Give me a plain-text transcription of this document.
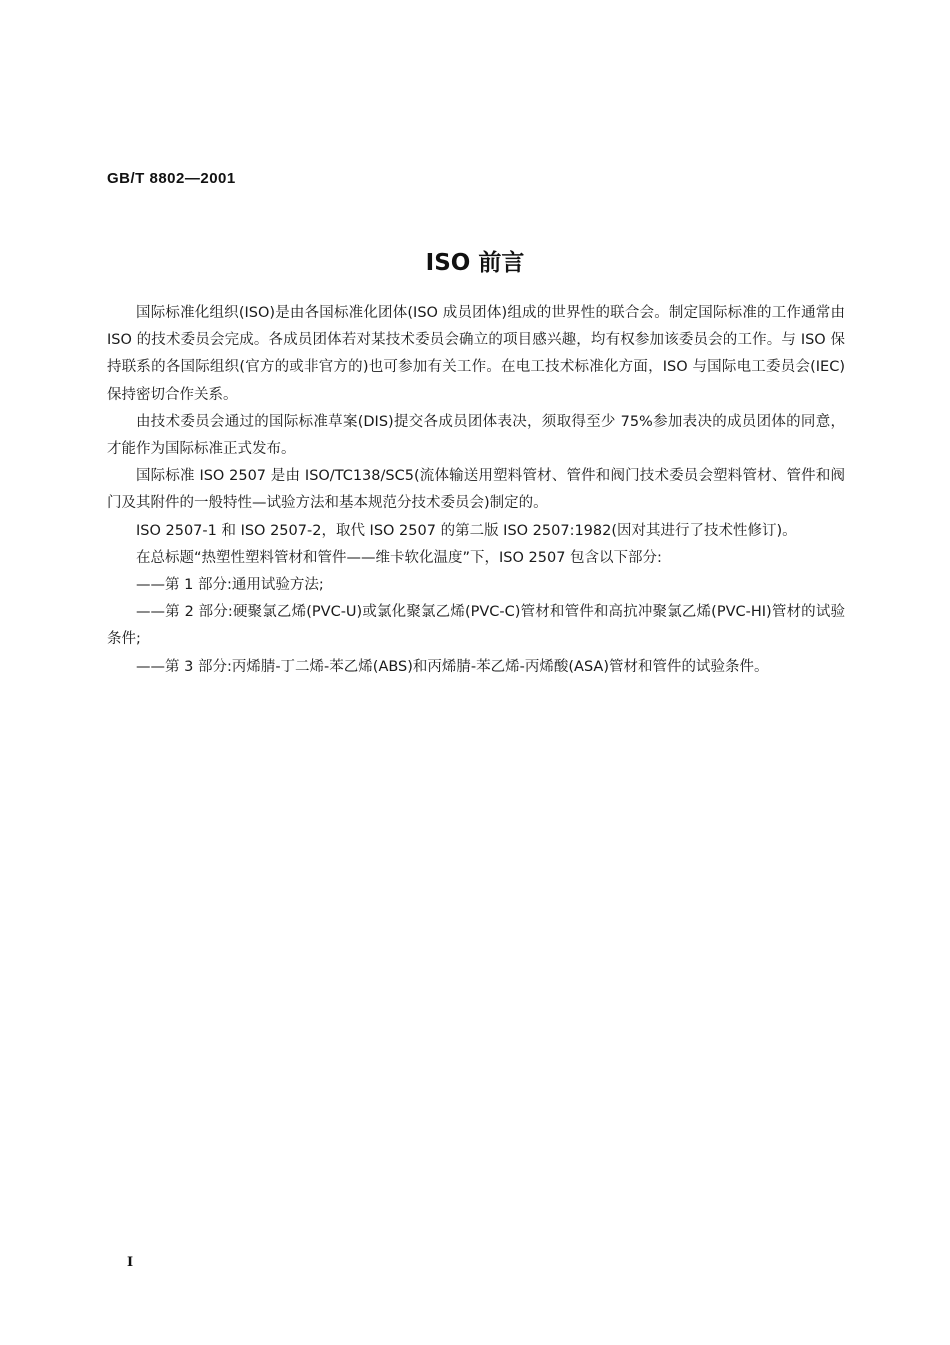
GB/T 8802—2001
ISO 前言

国际标准化组织(ISO)是由各国标准化团体(ISO 成员团体)组成的世界性的联合会。制定国际标准的工作通常由 ISO 的技术委员会完成。各成员团体若对某技术委员会确立的项目感兴趣，均有权参加该委员会的工作。与 ISO 保持联系的各国际组织(官方的或非官方的)也可参加有关工作。在电工技术标准化方面，ISO 与国际电工委员会(IEC)保持密切合作关系。

由技术委员会通过的国际标准草案(DIS)提交各成员团体表决，须取得至少 75%参加表决的成员团体的同意，才能作为国际标准正式发布。

国际标准 ISO 2507 是由 ISO/TC138/SC5(流体输送用塑料管材、管件和阀门技术委员会塑料管材、管件和阀门及其附件的一般特性—试验方法和基本规范分技术委员会)制定的。

ISO 2507-1 和 ISO 2507-2，取代 ISO 2507 的第二版 ISO 2507:1982(因对其进行了技术性修订)。

在总标题“热塑性塑料管材和管件——维卡软化温度”下，ISO 2507 包含以下部分:

——第 1 部分:通用试验方法;

——第 2 部分:硬聚氯乙烯(PVC-U)或氯化聚氯乙烯(PVC-C)管材和管件和高抗冲聚氯乙烯(PVC-HI)管材的试验条件;

——第 3 部分:丙烯腈-丁二烯-苯乙烯(ABS)和丙烯腈-苯乙烯-丙烯酸(ASA)管材和管件的试验条件。

I
